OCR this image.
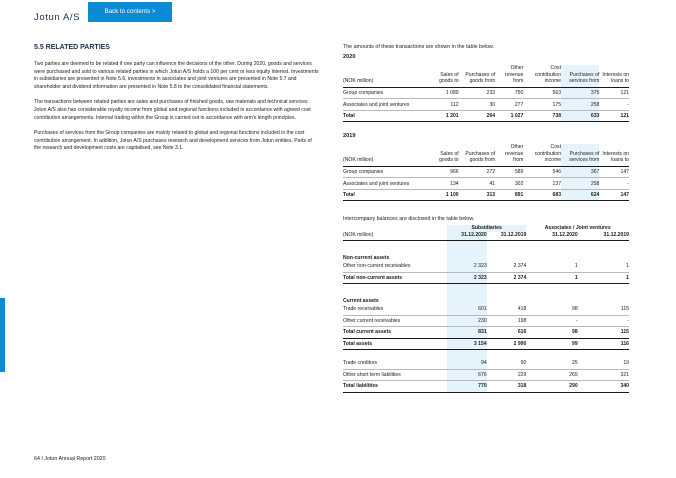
Jotun A/S
Back to contents >
5.5 RELATED PARTIES

Two parties are deemed to be related if one party can influence the decisions of the other. During 2020, goods and services were purchased and sold to various related parties in which Jotun A/S holds a 100 per cent or less equity interest. Investments in subsidiaries are presented in Note 5.6, investments in associates and joint ventures are presented in Note 5.7 and shareholder and dividend information are presented in Note 5.8 to the consolidated financial statements.

The transactions between related parties are sales and purchases of finished goods, raw materials and technical services. Jotun A/S also has considerable royalty income from global and regional functions included in accordance with agreed cost contribution arrangements. Internal trading within the Group is carried out in accordance with arm's length principles.

Purchases of services from the Group companies are mainly related to global and regional functions included in the cost contribution arrangement. In addition, Jotun A/S purchases research and development services from Jotun entities. Parts of the research and development costs are capitalised, see Note 3.1.

64 I Jotun Annual Report 2020
The amounts of these transactions are shown in the table below.
2020
(NOK million)	Sales of goods to	Purchases of goods from	Other revenue from	Cost contribution income	Purchases of services from	Interests on loans to
Group companies	1 089	233	750	563	375	121
Associates and joint ventures	112	30	277	175	258	-
Total	1 201	264	1 027	738	633	121
2019
(NOK million)	Sales of goods to	Purchases of goods from	Other revenue from	Cost contribution income	Purchases of services from	Interests on loans to
Group companies	966	272	589	546	367	147
Associates and joint ventures	134	41	302	137	258	-
Total	1 100	313	891	683	624	147
Intercompany balances are disclosed in the table below.
	Subsidiaries		Associates / Joint ventures	
(NOK million)	31.12.2020	31.12.2019	31.12.2020	31.12.2019

Non-current assets				
Other non-current receivables	2 323	2 374	1	1
Total non-current assets	2 323	2 374	1	1

Current assets				
Trade receivables	601	418	98	115
Other current receivables	230	198	-	-
Total current assets	831	616	98	115
Total assets	3 154	2 990	99	116

Trade creditors	94	90	25	19
Other short term liabilities	676	229	265	321
Total liabilities	770	318	290	340
